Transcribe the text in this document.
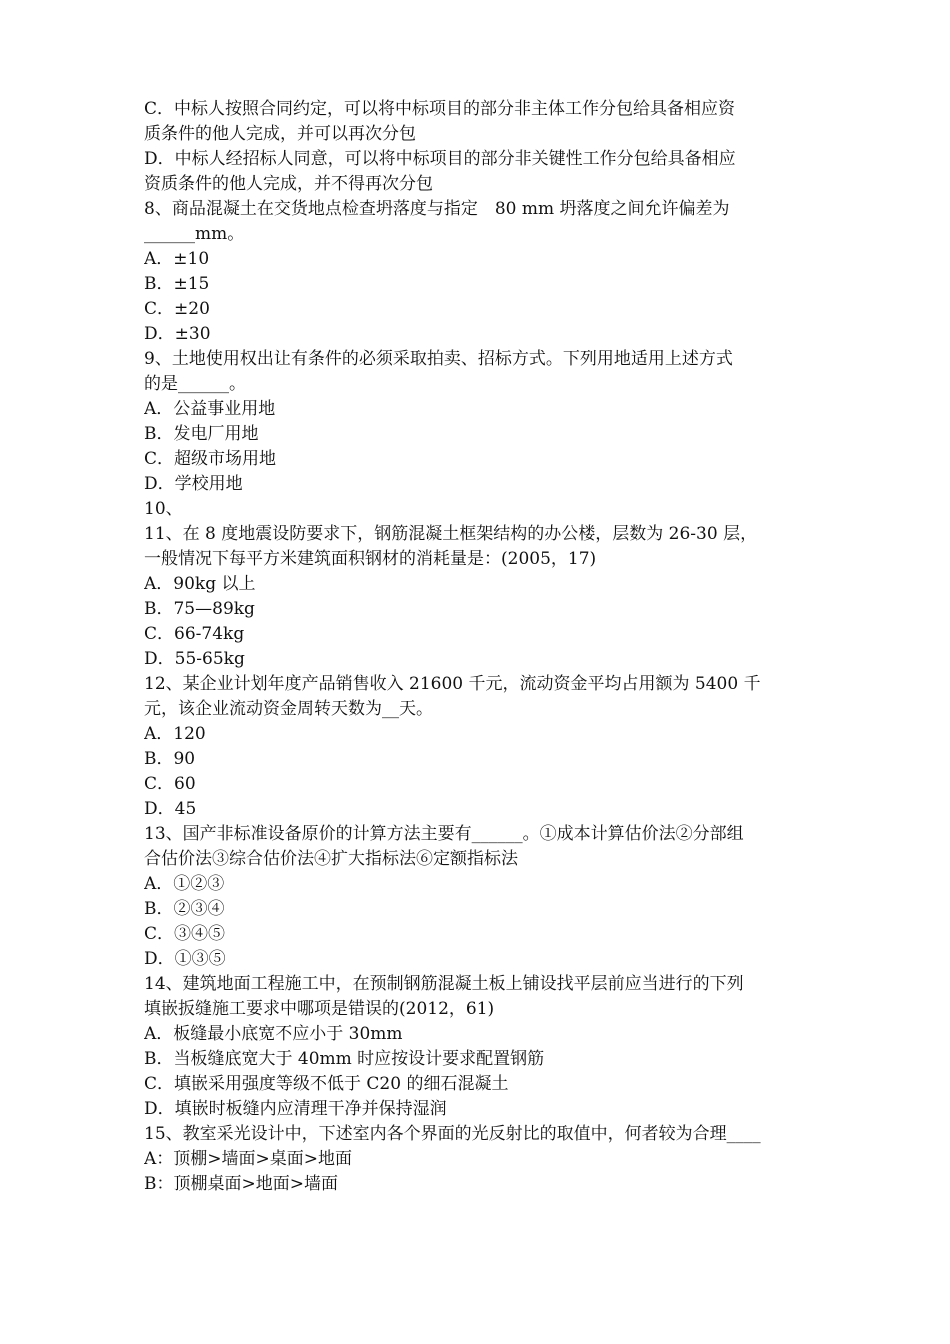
C．中标人按照合同约定，可以将中标项目的部分非主体工作分包给具备相应资
质条件的他人完成，并可以再次分包
D．中标人经招标人同意，可以将中标项目的部分非关键性工作分包给具备相应
资质条件的他人完成，并不得再次分包
8、商品混凝土在交货地点检查坍落度与指定　80 mm 坍落度之间允许偏差为
______mm。
A．±10
B．±15
C．±20
D．±30
9、土地使用权出让有条件的必须采取拍卖、招标方式。下列用地适用上述方式
的是______。
A．公益事业用地
B．发电厂用地
C．超级市场用地
D．学校用地
10、
11、在 8 度地震设防要求下，钢筋混凝土框架结构的办公楼，层数为 26-30 层，
一般情况下每平方米建筑面积钢材的消耗量是：(2005，17)
A．90kg 以上
B．75—89kg
C．66-74kg
D．55-65kg
12、某企业计划年度产品销售收入 21600 千元，流动资金平均占用额为 5400 千
元，该企业流动资金周转天数为__天。
A．120
B．90
C．60
D．45
13、国产非标准设备原价的计算方法主要有______。①成本计算估价法②分部组
合估价法③综合估价法④扩大指标法⑥定额指标法
A．①②③
B．②③④
C．③④⑤
D．①③⑤
14、建筑地面工程施工中，在预制钢筋混凝土板上铺设找平层前应当进行的下列
填嵌扳缝施工要求中哪项是错误的(2012，61)
A．板缝最小底宽不应小于 30mm
B．当板缝底宽大于 40mm 时应按设计要求配置钢筋
C．填嵌采用强度等级不低于 C20 的细石混凝土
D．填嵌时板缝内应清理干净并保持湿润
15、教室采光设计中，下述室内各个界面的光反射比的取值中，何者较为合理____
A：顶棚>墙面>桌面>地面
B：顶棚桌面>地面>墙面
